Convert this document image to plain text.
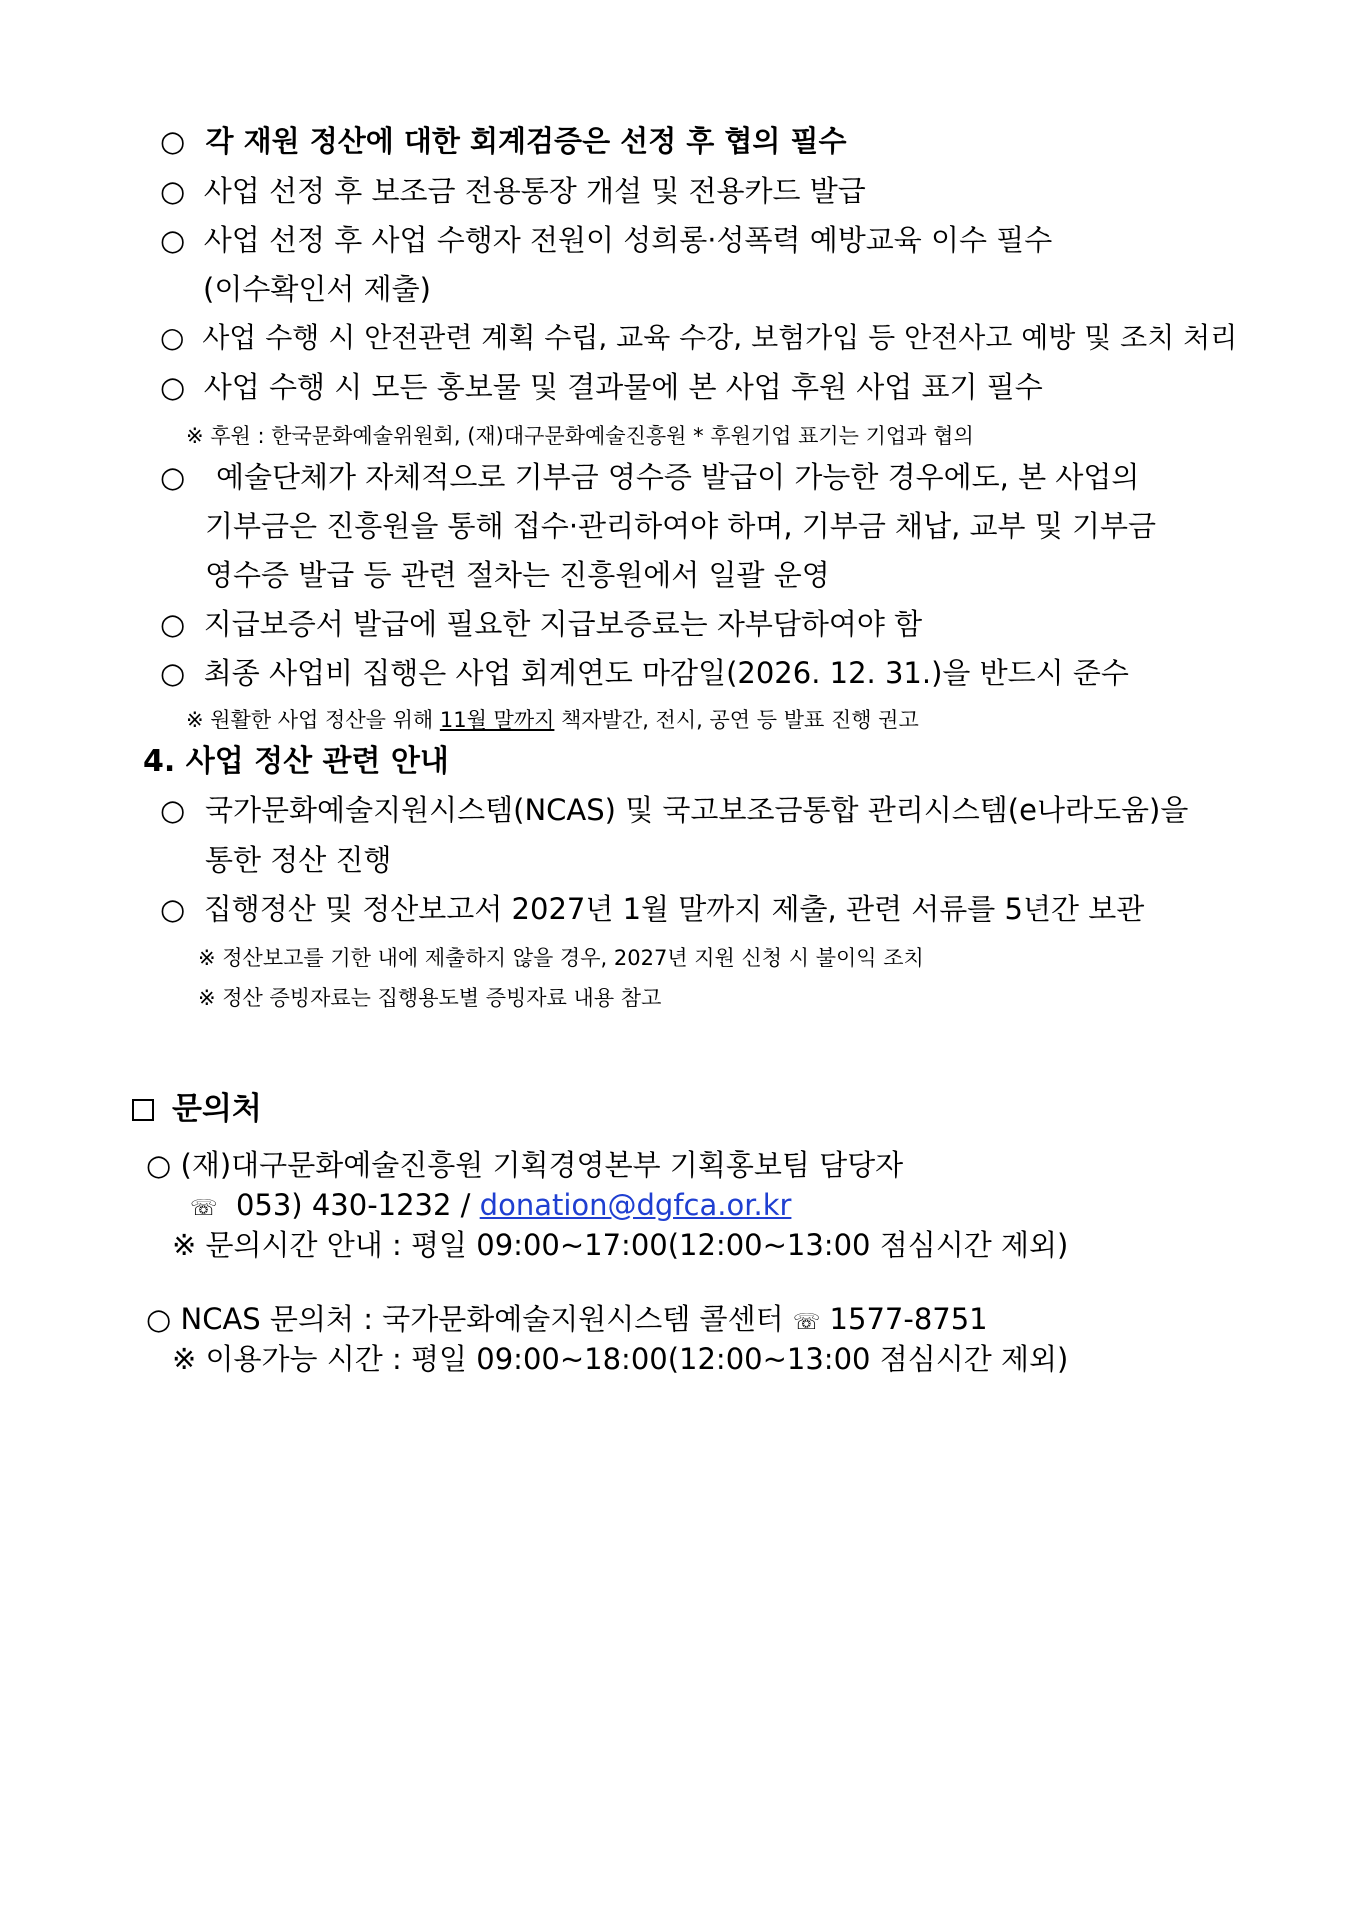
○ 각 재원 정산에 대한 회계검증은 선정 후 협의 필수
○ 사업 선정 후 보조금 전용통장 개설 및 전용카드 발급
○ 사업 선정 후 사업 수행자 전원이 성희롱·성폭력 예방교육 이수 필수
(이수확인서 제출)
○ 사업 수행 시 안전관련 계획 수립, 교육 수강, 보험가입 등 안전사고 예방 및 조치 처리
○ 사업 수행 시 모든 홍보물 및 결과물에 본 사업 후원 사업 표기 필수
※ 후원 : 한국문화예술위원회, (재)대구문화예술진흥원 * 후원기업 표기는 기업과 협의
○ 예술단체가 자체적으로 기부금 영수증 발급이 가능한 경우에도, 본 사업의
기부금은 진흥원을 통해 접수·관리하여야 하며, 기부금 채납, 교부 및 기부금
영수증 발급 등 관련 절차는 진흥원에서 일괄 운영
○ 지급보증서 발급에 필요한 지급보증료는 자부담하여야 함
○ 최종 사업비 집행은 사업 회계연도 마감일(2026. 12. 31.)을 반드시 준수
※ 원활한 사업 정산을 위해 11월 말까지 책자발간, 전시, 공연 등 발표 진행 권고
4. 사업 정산 관련 안내
○ 국가문화예술지원시스템(NCAS) 및 국고보조금통합 관리시스템(e나라도움)을
통한 정산 진행
○ 집행정산 및 정산보고서 2027년 1월 말까지 제출, 관련 서류를 5년간 보관
※ 정산보고를 기한 내에 제출하지 않을 경우, 2027년 지원 신청 시 불이익 조치
※ 정산 증빙자료는 집행용도별 증빙자료 내용 참고
문의처
○ (재)대구문화예술진흥원 기획경영본부 기획홍보팀 담당자
☏ 053) 430-1232 / donation@dgfca.or.kr
※ 문의시간 안내 : 평일 09:00~17:00(12:00~13:00 점심시간 제외)
○ NCAS 문의처 : 국가문화예술지원시스템 콜센터 ☏ 1577-8751
※ 이용가능 시간 : 평일 09:00~18:00(12:00~13:00 점심시간 제외)
